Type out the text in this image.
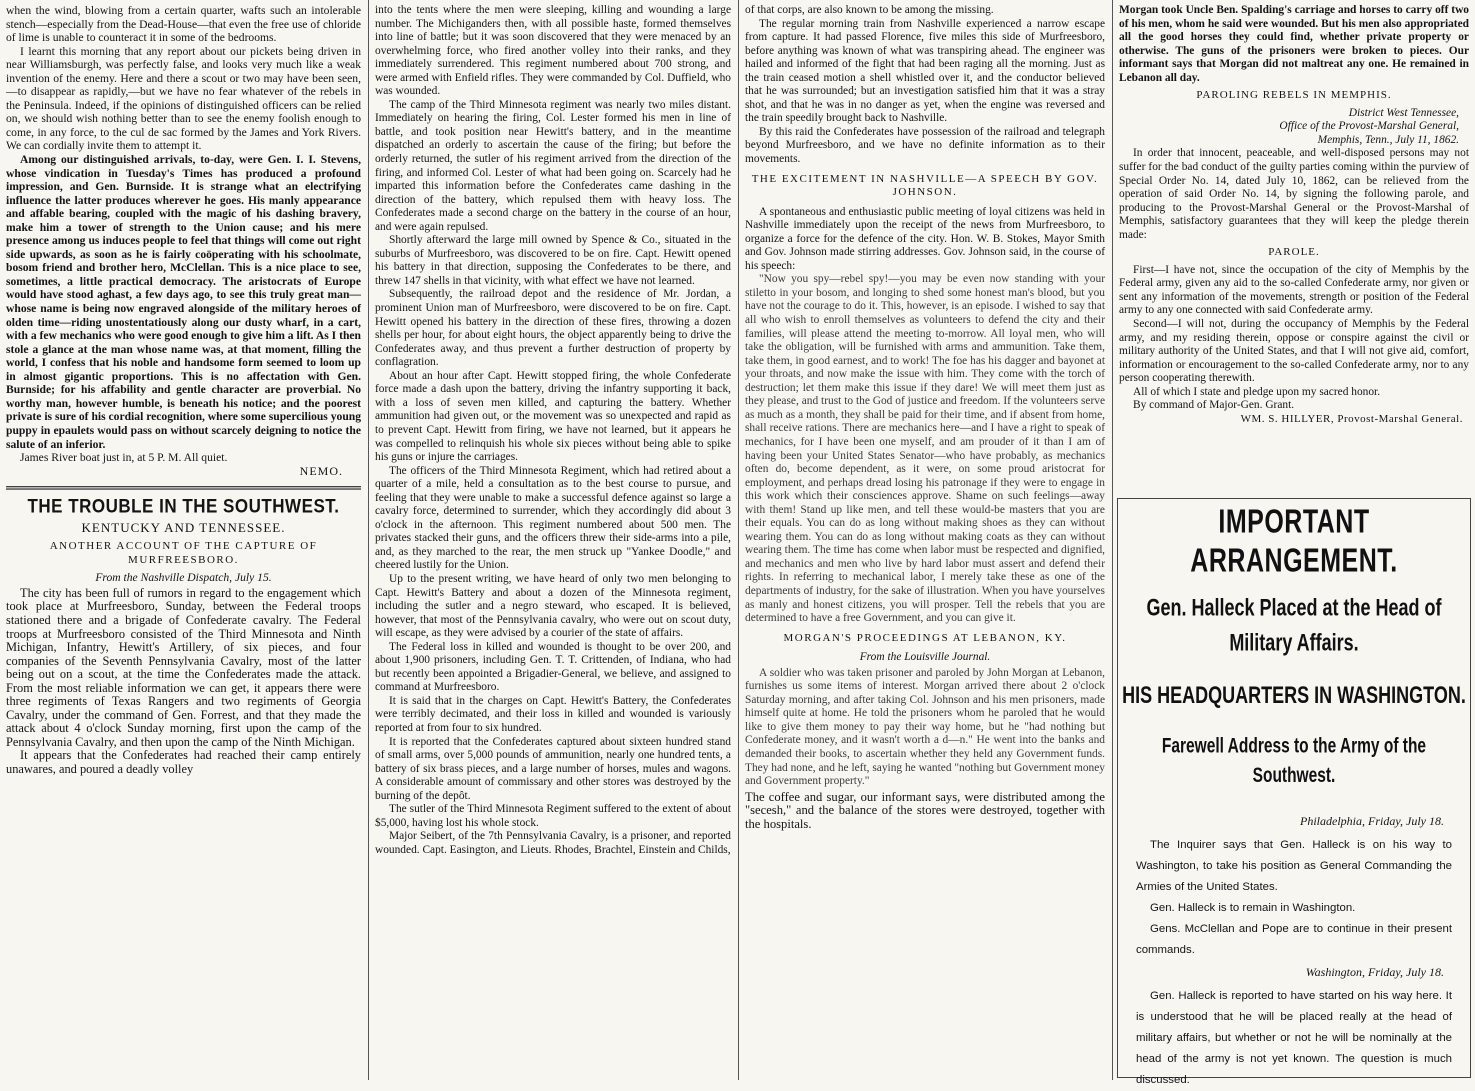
when the wind, blowing from a certain quarter, wafts such an intolerable stench—especially from the Dead-House—that even the free use of chloride of lime is unable to counteract it in some of the bedrooms.

I learnt this morning that any report about our pickets being driven in near Williamsburgh, was perfectly false, and looks very much like a weak invention of the enemy. Here and there a scout or two may have been seen,—to disappear as rapidly,—but we have no fear whatever of the rebels in the Peninsula. Indeed, if the opinions of distinguished officers can be relied on, we should wish nothing better than to see the enemy foolish enough to come, in any force, to the cul de sac formed by the James and York Rivers. We can cordially invite them to attempt it.

Among our distinguished arrivals, to-day, were Gen. I. I. Stevens, whose vindication in Tuesday's Times has produced a profound impression, and Gen. Burnside. It is strange what an electrifying influence the latter produces wherever he goes. His manly appearance and affable bearing, coupled with the magic of his dashing bravery, make him a tower of strength to the Union cause; and his mere presence among us induces people to feel that things will come out right side upwards, as soon as he is fairly coöperating with his schoolmate, bosom friend and brother hero, McClellan. This is a nice place to see, sometimes, a little practical democracy. The aristocrats of Europe would have stood aghast, a few days ago, to see this truly great man—whose name is being now engraved alongside of the military heroes of olden time—riding unostentatiously along our dusty wharf, in a cart, with a few mechanics who were good enough to give him a lift. As I then stole a glance at the man whose name was, at that moment, filling the world, I confess that his noble and handsome form seemed to loom up in almost gigantic proportions. This is no affectation with Gen. Burnside; for his affability and gentle character are proverbial. No worthy man, however humble, is beneath his notice; and the poorest private is sure of his cordial recognition, where some supercilious young puppy in epaulets would pass on without scarcely deigning to notice the salute of an inferior.

James River boat just in, at 5 P. M. All quiet.

NEMO.
THE TROUBLE IN THE SOUTHWEST.
KENTUCKY AND TENNESSEE.
ANOTHER ACCOUNT OF THE CAPTURE OF MURFREESBORO.
From the Nashville Dispatch, July 15.

The city has been full of rumors in regard to the engagement which took place at Murfreesboro, Sunday, between the Federal troops stationed there and a brigade of Confederate cavalry. The Federal troops at Murfreesboro consisted of the Third Minnesota and Ninth Michigan, Infantry, Hewitt's Artillery, of six pieces, and four companies of the Seventh Pennsylvania Cavalry, most of the latter being out on a scout, at the time the Confederates made the attack. From the most reliable information we can get, it appears there were three regiments of Texas Rangers and two regiments of Georgia Cavalry, under the command of Gen. Forrest, and that they made the attack about 4 o'clock Sunday morning, first upon the camp of the Pennsylvania Cavalry, and then upon the camp of the Ninth Michigan.

It appears that the Confederates had reached their camp entirely unawares, and poured a deadly volley

into the tents where the men were sleeping, killing and wounding a large number. The Michiganders then, with all possible haste, formed themselves into line of battle; but it was soon discovered that they were menaced by an overwhelming force, who fired another volley into their ranks, and they immediately surrendered. This regiment numbered about 700 strong, and were armed with Enfield rifles. They were commanded by Col. Duffield, who was wounded.

The camp of the Third Minnesota regiment was nearly two miles distant. Immediately on hearing the firing, Col. Lester formed his men in line of battle, and took position near Hewitt's battery, and in the meantime dispatched an orderly to ascertain the cause of the firing; but before the orderly returned, the sutler of his regiment arrived from the direction of the firing, and informed Col. Lester of what had been going on. Scarcely had he imparted this information before the Confederates came dashing in the direction of the battery, which repulsed them with heavy loss. The Confederates made a second charge on the battery in the course of an hour, and were again repulsed.

Shortly afterward the large mill owned by Spence & Co., situated in the suburbs of Murfreesboro, was discovered to be on fire. Capt. Hewitt opened his battery in that direction, supposing the Confederates to be there, and threw 147 shells in that vicinity, with what effect we have not learned.

Subsequently, the railroad depot and the residence of Mr. Jordan, a prominent Union man of Murfreesboro, were discovered to be on fire. Capt. Hewitt opened his battery in the direction of these fires, throwing a dozen shells per hour, for about eight hours, the object apparently being to drive the Confederates away, and thus prevent a further destruction of property by conflagration.

About an hour after Capt. Hewitt stopped firing, the whole Confederate force made a dash upon the battery, driving the infantry supporting it back, with a loss of seven men killed, and capturing the battery. Whether ammunition had given out, or the movement was so unexpected and rapid as to prevent Capt. Hewitt from firing, we have not learned, but it appears he was compelled to relinquish his whole six pieces without being able to spike his guns or injure the carriages.

The officers of the Third Minnesota Regiment, which had retired about a quarter of a mile, held a consultation as to the best course to pursue, and feeling that they were unable to make a successful defence against so large a cavalry force, determined to surrender, which they accordingly did about 3 o'clock in the afternoon. This regiment numbered about 500 men. The privates stacked their guns, and the officers threw their side-arms into a pile, and, as they marched to the rear, the men struck up "Yankee Doodle," and cheered lustily for the Union.

Up to the present writing, we have heard of only two men belonging to Capt. Hewitt's Battery and about a dozen of the Minnesota regiment, including the sutler and a negro steward, who escaped. It is believed, however, that most of the Pennsylvania cavalry, who were out on scout duty, will escape, as they were advised by a courier of the state of affairs.

The Federal loss in killed and wounded is thought to be over 200, and about 1,900 prisoners, including Gen. T. T. Crittenden, of Indiana, who had but recently been appointed a Brigadier-General, we believe, and assigned to command at Murfreesboro.

It is said that in the charges on Capt. Hewitt's Battery, the Confederates were terribly decimated, and their loss in killed and wounded is variously reported at from four to six hundred.

It is reported that the Confederates captured about sixteen hundred stand of small arms, over 5,000 pounds of ammunition, nearly one hundred tents, a battery of six brass pieces, and a large number of horses, mules and wagons. A considerable amount of commissary and other stores was destroyed by the burning of the depôt.

The sutler of the Third Minnesota Regiment suffered to the extent of about $5,000, having lost his whole stock.

Major Seibert, of the 7th Pennsylvania Cavalry, is a prisoner, and reported wounded. Capt. Easington, and Lieuts. Rhodes, Brachtel, Einstein and Childs,

of that corps, are also known to be among the missing.

The regular morning train from Nashville experienced a narrow escape from capture. It had passed Florence, five miles this side of Murfreesboro, before anything was known of what was transpiring ahead. The engineer was hailed and informed of the fight that had been raging all the morning. Just as the train ceased motion a shell whistled over it, and the conductor believed that he was surrounded; but an investigation satisfied him that it was a stray shot, and that he was in no danger as yet, when the engine was reversed and the train speedily brought back to Nashville.

By this raid the Confederates have possession of the railroad and telegraph beyond Murfreesboro, and we have no definite information as to their movements.

THE EXCITEMENT IN NASHVILLE—A SPEECH BY GOV. JOHNSON.

A spontaneous and enthusiastic public meeting of loyal citizens was held in Nashville immediately upon the receipt of the news from Murfreesboro, to organize a force for the defence of the city. Hon. W. B. Stokes, Mayor Smith and Gov. Johnson made stirring addresses. Gov. Johnson said, in the course of his speech:

"Now you spy—rebel spy!—you may be even now standing with your stiletto in your bosom, and longing to shed some honest man's blood, but you have not the courage to do it. This, however, is an episode. I wished to say that all who wish to enroll themselves as volunteers to defend the city and their families, will please attend the meeting to-morrow. All loyal men, who will take the obligation, will be furnished with arms and ammunition. Take them, take them, in good earnest, and to work! The foe has his dagger and bayonet at your throats, and now make the issue with him. They come with the torch of destruction; let them make this issue if they dare! We will meet them just as they please, and trust to the God of justice and freedom. If the volunteers serve as much as a month, they shall be paid for their time, and if absent from home, shall receive rations. There are mechanics here—and I have a right to speak of mechanics, for I have been one myself, and am prouder of it than I am of having been your United States Senator—who have probably, as mechanics often do, become dependent, as it were, on some proud aristocrat for employment, and perhaps dread losing his patronage if they were to engage in this work which their consciences approve. Shame on such feelings—away with them! Stand up like men, and tell these would-be masters that you are their equals. You can do as long without making shoes as they can without wearing them. You can do as long without making coats as they can without wearing them. The time has come when labor must be respected and dignified, and mechanics and men who live by hard labor must assert and defend their rights. In referring to mechanical labor, I merely take these as one of the departments of industry, for the sake of illustration. When you have yourselves as manly and honest citizens, you will prosper. Tell the rebels that you are determined to have a free Government, and you can give it.

MORGAN'S PROCEEDINGS AT LEBANON, KY.
From the Louisville Journal.

A soldier who was taken prisoner and paroled by John Morgan at Lebanon, furnishes us some items of interest. Morgan arrived there about 2 o'clock Saturday morning, and after taking Col. Johnson and his men prisoners, made himself quite at home. He told the prisoners whom he paroled that he would like to give them money to pay their way home, but he "had nothing but Confederate money, and it wasn't worth a d—n." He went into the banks and demanded their books, to ascertain whether they held any Government funds. They had none, and he left, saying he wanted "nothing but Government money and Government property."

The coffee and sugar, our informant says, were distributed among the "secesh," and the balance of the stores were destroyed, together with the hospitals.

Morgan took Uncle Ben. Spalding's carriage and horses to carry off two of his men, whom he said were wounded. But his men also appropriated all the good horses they could find, whether private property or otherwise. The guns of the prisoners were broken to pieces. Our informant says that Morgan did not maltreat any one. He remained in Lebanon all day.

PAROLING REBELS IN MEMPHIS.
District West Tennessee,
Office of the Provost-Marshal General,
Memphis, Tenn., July 11, 1862.

In order that innocent, peaceable, and well-disposed persons may not suffer for the bad conduct of the guilty parties coming within the purview of Special Order No. 14, dated July 10, 1862, can be relieved from the operation of said Order No. 14, by signing the following parole, and producing to the Provost-Marshal General or the Provost-Marshal of Memphis, satisfactory guarantees that they will keep the pledge therein made:

PAROLE.

First—I have not, since the occupation of the city of Memphis by the Federal army, given any aid to the so-called Confederate army, nor given or sent any information of the movements, strength or position of the Federal army to any one connected with said Confederate army.

Second—I will not, during the occupancy of Memphis by the Federal army, and my residing therein, oppose or conspire against the civil or military authority of the United States, and that I will not give aid, comfort, information or encouragement to the so-called Confederate army, nor to any person cooperating therewith.

All of which I state and pledge upon my sacred honor.

By command of Major-Gen. Grant.

WM. S. HILLYER, Provost-Marshal General.
IMPORTANT ARRANGEMENT.
Gen. Halleck Placed at the Head of Military Affairs.
HIS HEADQUARTERS IN WASHINGTON.
Farewell Address to the Army of the Southwest.
Philadelphia, Friday, July 18.

The Inquirer says that Gen. Halleck is on his way to Washington, to take his position as General Commanding the Armies of the United States.

Gen. Halleck is to remain in Washington.

Gens. McClellan and Pope are to continue in their present commands.

Washington, Friday, July 18.

Gen. Halleck is reported to have started on his way here. It is understood that he will be placed really at the head of military affairs, but whether or not he will be nominally at the head of the army is not yet known. The question is much discussed.
